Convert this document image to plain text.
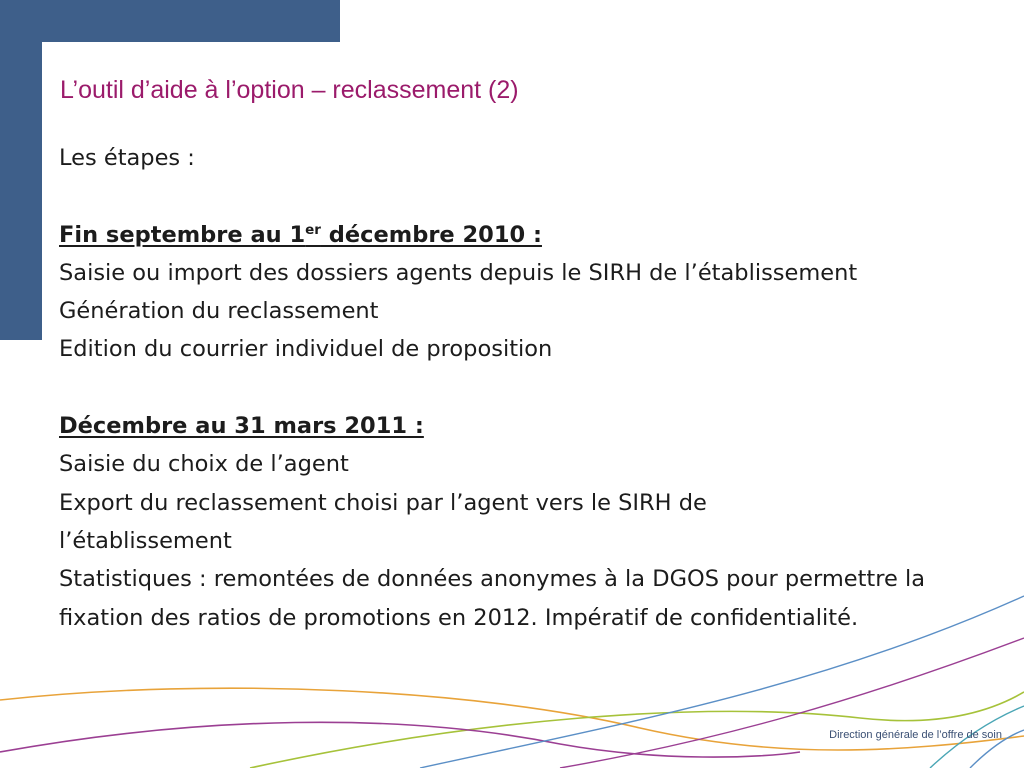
L’outil d’aide à l’option – reclassement (2)
Les étapes :
Fin septembre au 1er décembre 2010 :
Saisie ou import des dossiers agents depuis le SIRH de l’établissement
Génération du reclassement
Edition du courrier individuel de proposition
Décembre au 31 mars 2011 :
Saisie du choix de l’agent
Export du reclassement choisi par l’agent vers le SIRH de l’établissement
Statistiques : remontées de données anonymes à la DGOS pour permettre la fixation des ratios de promotions en 2012. Impératif de confidentialité.
Direction générale de l’offre de soin
